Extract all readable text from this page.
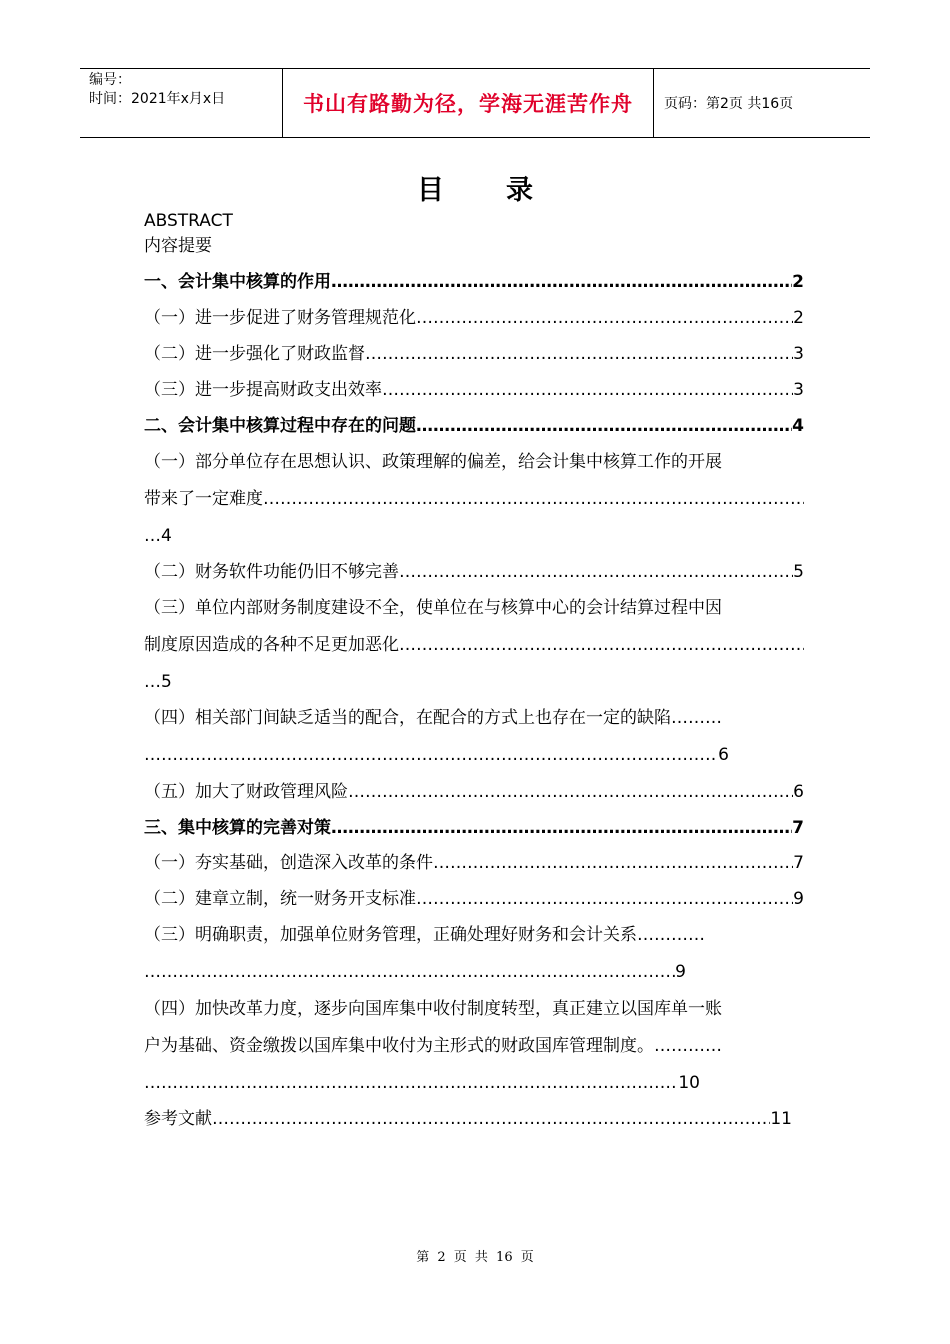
编号：
时间：2021年x月x日	书山有路勤为径，学海无涯苦作舟	页码：第2页 共16页
目录
ABSTRACT
内容提要
一、会计集中核算的作用 ………………………………………………………………………………………………………………………………………………………………	2
（一）进一步促进了财务管理规范化 ………………………………………………………………………………………………………………………………………………………………	2
（二）进一步强化了财政监督 ………………………………………………………………………………………………………………………………………………………………	3
（三）进一步提高财政支出效率 ………………………………………………………………………………………………………………………………………………………………	3
二、会计集中核算过程中存在的问题 ………………………………………………………………………………………………………………………………………………………………	4
（一）部分单位存在思想认识、政策理解的偏差，给会计集中核算工作的开展
带来了一定难度
………………………………………………………………………………………………………………………………………………………………
…4
（二）财务软件功能仍旧不够完善 ………………………………………………………………………………………………………………………………………………………………	5
（三）单位内部财务制度建设不全，使单位在与核算中心的会计结算过程中因
制度原因造成的各种不足更加恶化
………………………………………………………………………………………………………………………………………………………………
…5
（四）相关部门间缺乏适当的配合，在配合的方式上也存在一定的缺陷………
………………………………………………………………………………………………………………………………………………………………
6
（五）加大了财政管理风险 ………………………………………………………………………………………………………………………………………………………………	6
三、集中核算的完善对策 ………………………………………………………………………………………………………………………………………………………………	7
（一）夯实基础，创造深入改革的条件 ………………………………………………………………………………………………………………………………………………………………	7
（二）建章立制，统一财务开支标准 ………………………………………………………………………………………………………………………………………………………………	9
（三）明确职责，加强单位财务管理，正确处理好财务和会计关系…………
………………………………………………………………………………………………………………………………………………………………
9
（四）加快改革力度，逐步向国库集中收付制度转型，真正建立以国库单一账
户为基础、资金缴拨以国库集中收付为主形式的财政国库管理制度。…………
………………………………………………………………………………………………………………………………………………………………
10
参考文献 ………………………………………………………………………………………………………………………………………………………………	11
第 2 页 共 16 页
